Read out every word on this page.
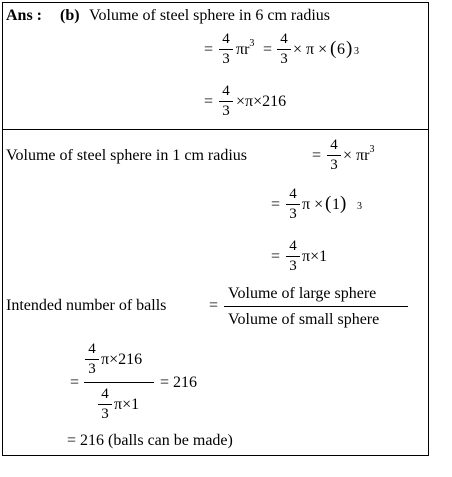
Ans : (b) Volume of steel sphere in 6 cm radius
=
4
3
$\pi r^3$ =
4
3
× π × ( 6 ) $_3$
=
4
3
×π×216
Volume of steel sphere in 1 cm radius	=
4
3
× $\pi r^3$
=
4
3
π × ( 1 ) $_3$
=
4
3
π×1
Intended number of balls	=
Volume of large sphere
Volume of small sphere
4
3
π×216
=	= 216
4
3
π×1
= 216 (balls can be made)
